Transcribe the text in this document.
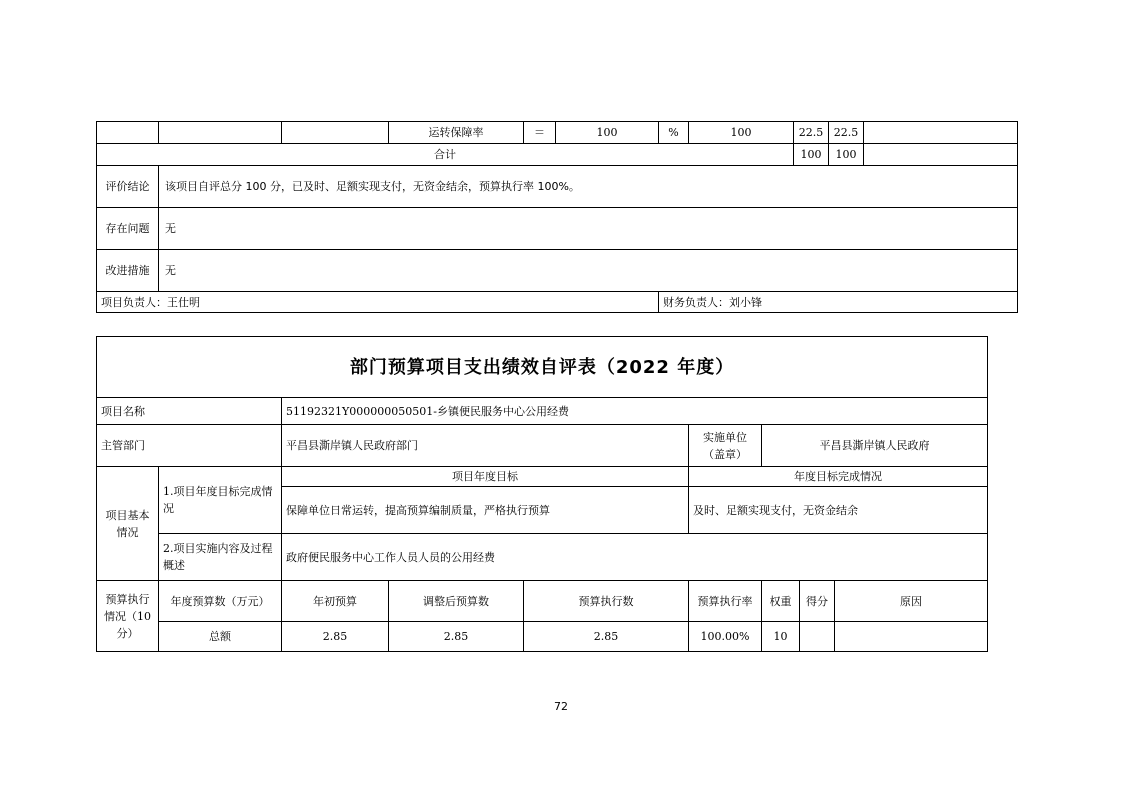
			运转保障率	＝	100	%	100	22.5	22.5	
合计								100	100	
评价结论	该项目自评总分 100 分，已及时、足额实现支付，无资金结余，预算执行率 100%。									
存在问题	无									
改进措施	无									
项目负责人：王仕明						财务负责人：刘小锋				
部门预算项目支出绩效自评表（2022 年度）								
项目名称		51192321Y000000050501-乡镇便民服务中心公用经费						
主管部门		平昌县澌岸镇人民政府部门			实施单位（盖章）	平昌县澌岸镇人民政府		
项目基本情况	1.项目年度目标完成情况	项目年度目标			年度目标完成情况			
		保障单位日常运转，提高预算编制质量，严格执行预算			及时、足额实现支付，无资金结余			
	2.项目实施内容及过程概述	政府便民服务中心工作人员人员的公用经费						

预算执行情况（10 分）	年度预算数（万元）	年初预算	调整后预算数	预算执行数	预算执行率	权重	得分	原因
	总额	2.85	2.85	2.85	100.00%	10		
72
